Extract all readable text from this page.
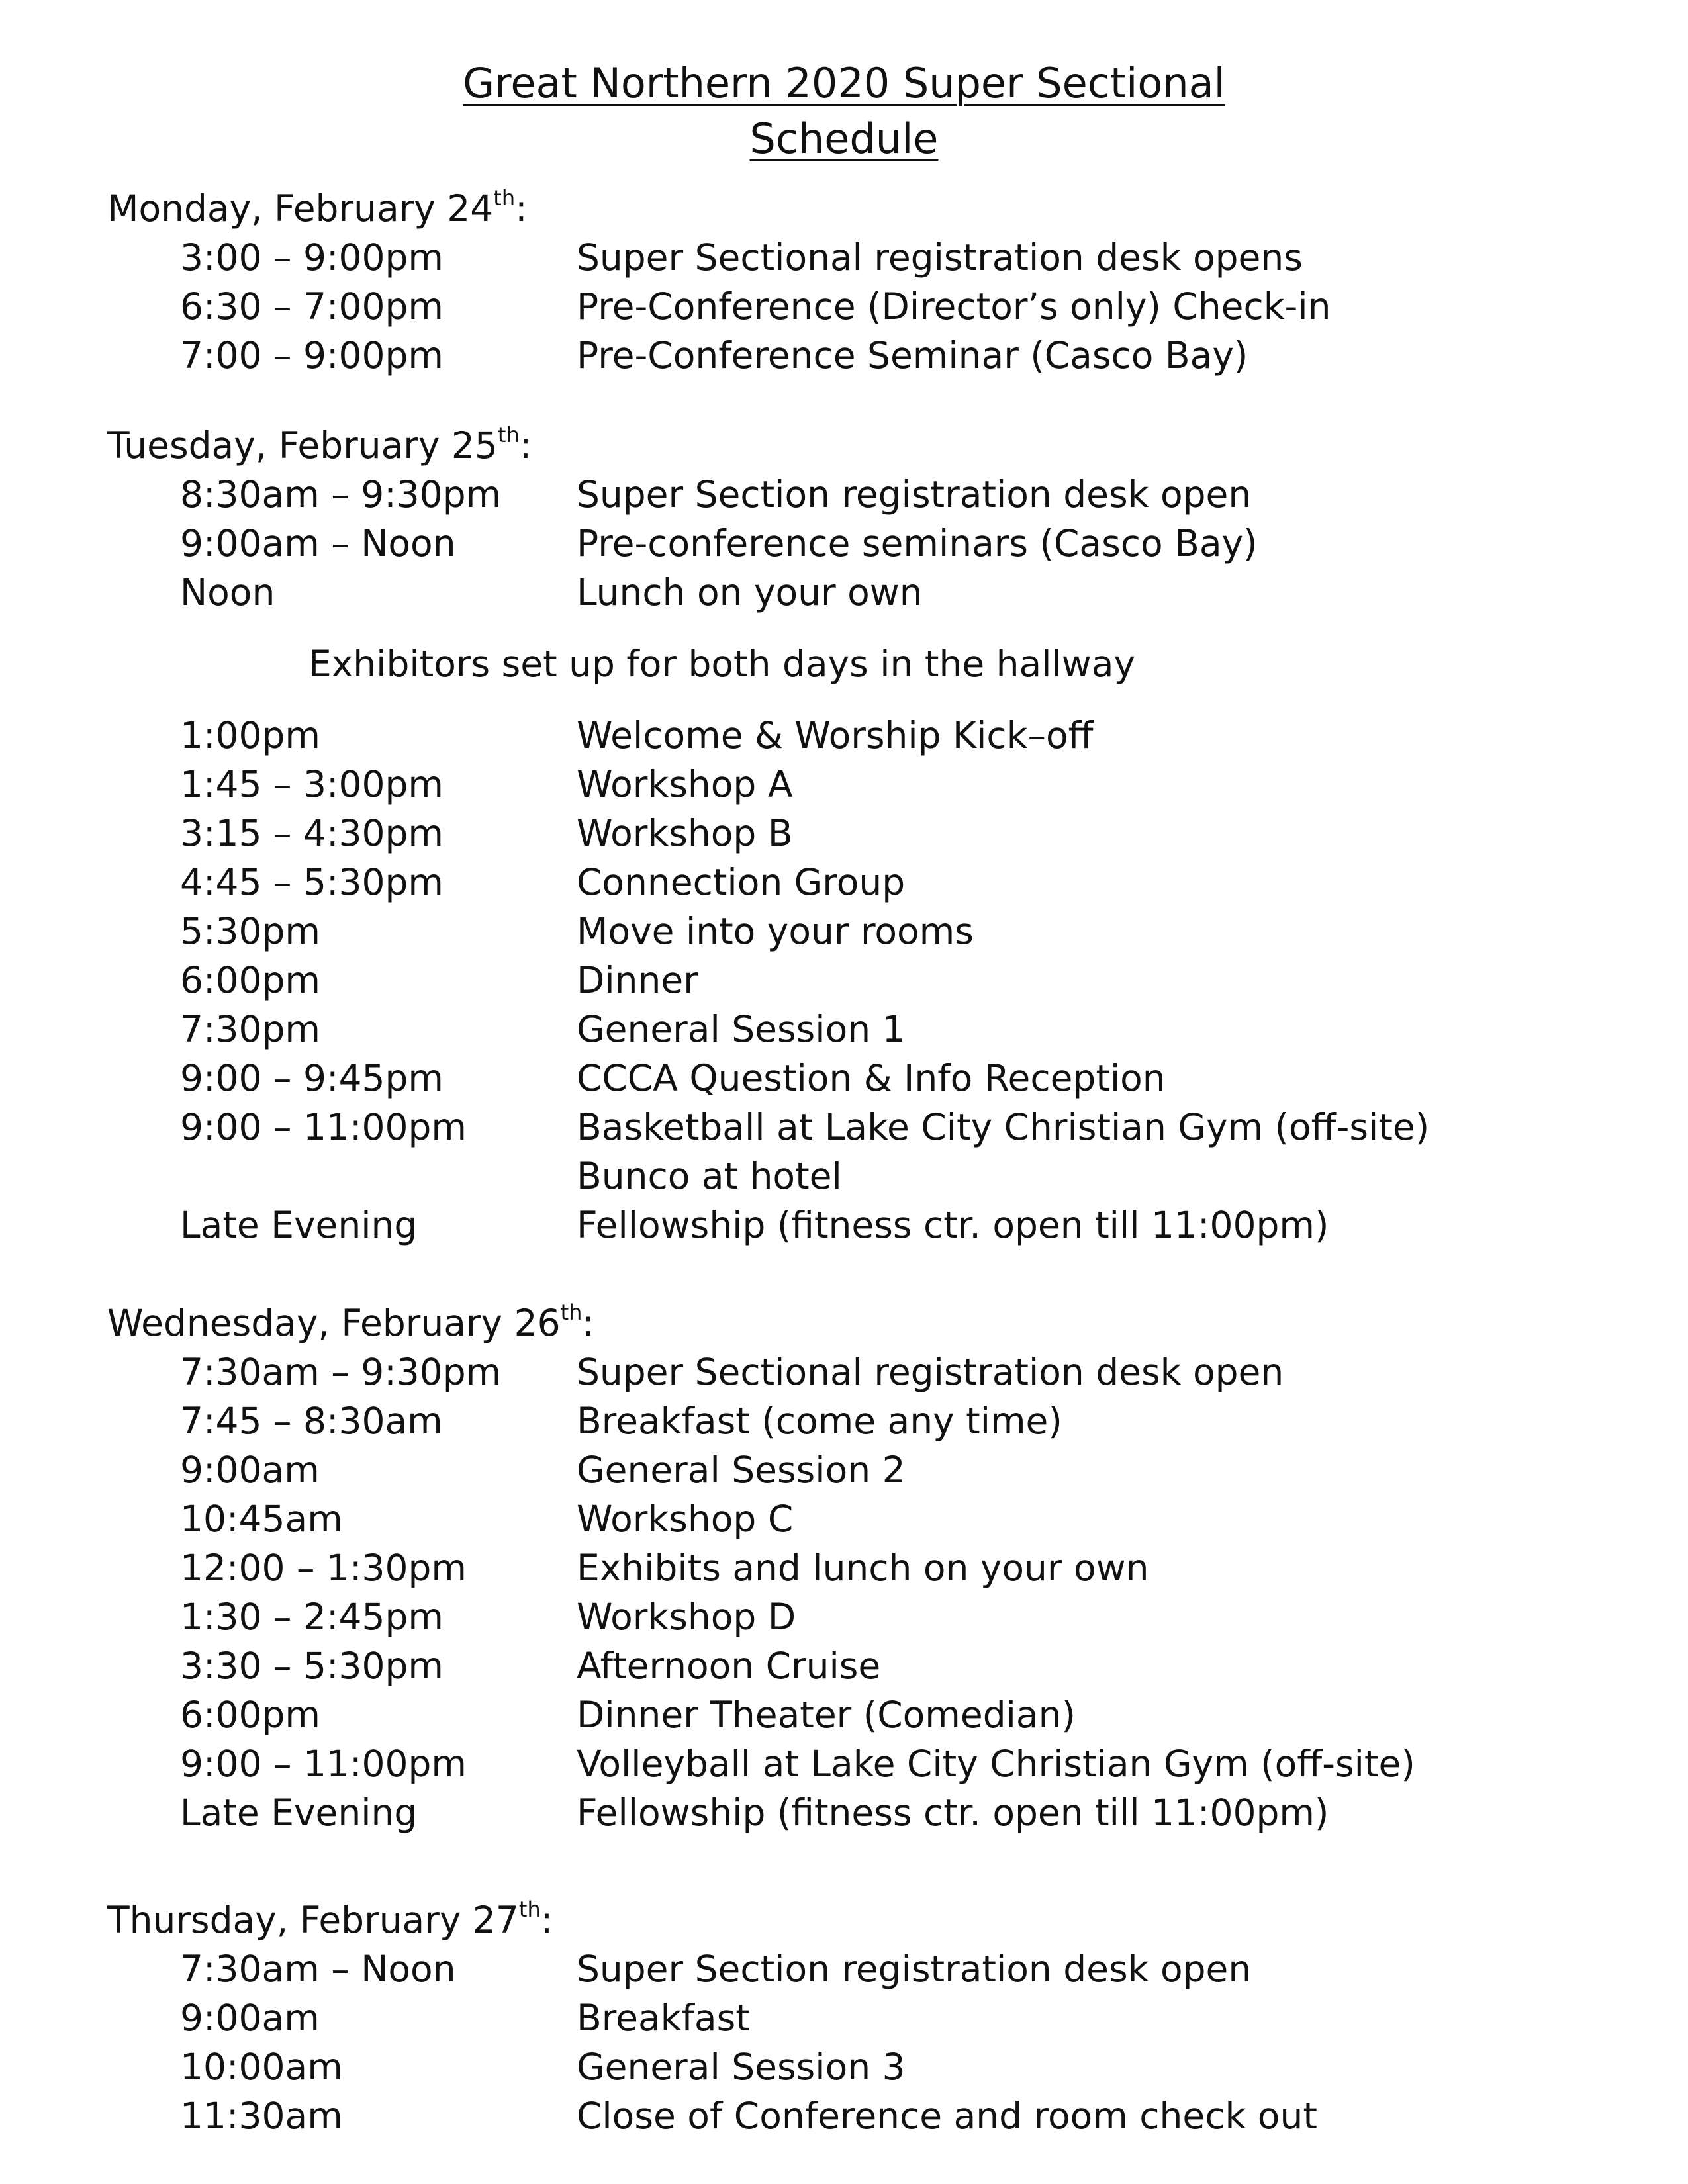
Great Northern 2020 Super Sectional
Schedule
Monday, February 24th:
3:00 – 9:00pm	Super Sectional registration desk opens
6:30 – 7:00pm	Pre-Conference (Director’s only) Check-in
7:00 – 9:00pm	Pre-Conference Seminar (Casco Bay)
Tuesday, February 25th:
8:30am – 9:30pm Super Section registration desk open
9:00am – Noon	Pre-conference seminars (Casco Bay)
Noon	Lunch on your own
Exhibitors set up for both days in the hallway
1:00pm	Welcome & Worship Kick–off
1:45 – 3:00pm	Workshop A
3:15 – 4:30pm	Workshop B
4:45 – 5:30pm	Connection Group
5:30pm	Move into your rooms
6:00pm	Dinner
7:30pm	General Session 1
9:00 – 9:45pm	CCCA Question & Info Reception
9:00 – 11:00pm	Basketball at Lake City Christian Gym (off-site)
Bunco at hotel
Late Evening	Fellowship (fitness ctr. open till 11:00pm)
Wednesday, February 26th:
7:30am – 9:30pm Super Sectional registration desk open
7:45 – 8:30am	Breakfast (come any time)
9:00am	General Session 2
10:45am	Workshop C
12:00 – 1:30pm	Exhibits and lunch on your own
1:30 – 2:45pm	Workshop D
3:30 – 5:30pm	Afternoon Cruise
6:00pm	Dinner Theater (Comedian)
9:00 – 11:00pm	Volleyball at Lake City Christian Gym (off-site)
Late Evening	Fellowship (fitness ctr. open till 11:00pm)
Thursday, February 27th:
7:30am – Noon	Super Section registration desk open
9:00am	Breakfast
10:00am	General Session 3
11:30am	Close of Conference and room check out
